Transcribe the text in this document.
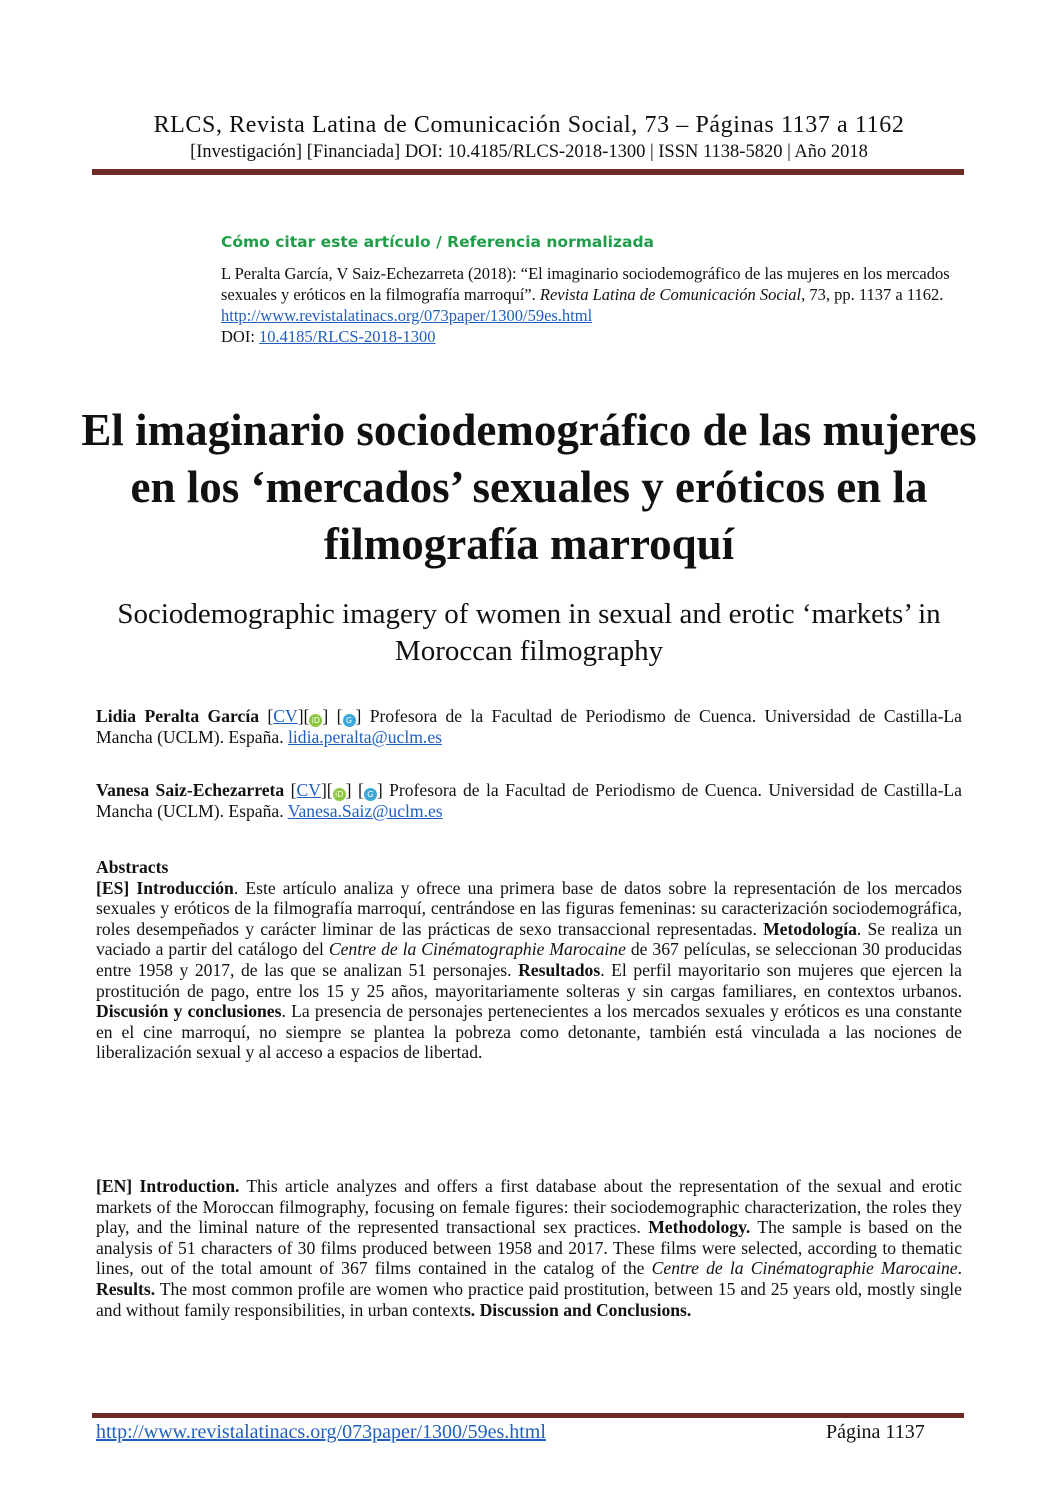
RLCS, Revista Latina de Comunicación Social, 73 – Páginas 1137 a 1162
[Investigación] [Financiada] DOI: 10.4185/RLCS-2018-1300 | ISSN 1138-5820 | Año 2018
Cómo citar este artículo / Referencia normalizada
L Peralta García, V Saiz-Echezarreta (2018): “El imaginario sociodemográfico de las mujeres en los mercados sexuales y eróticos en la filmografía marroquí”. Revista Latina de Comunicación Social, 73, pp. 1137 a 1162.
http://www.revistalatinacs.org/073paper/1300/59es.html
DOI: 10.4185/RLCS-2018-1300
El imaginario sociodemográfico de las mujeres en los ‘mercados’ sexuales y eróticos en la filmografía marroquí
Sociodemographic imagery of women in sexual and erotic ‘markets’ in Moroccan filmography
Lidia Peralta García [CV][ iD ] [ G ] Profesora de la Facultad de Periodismo de Cuenca. Universidad de Castilla-La Mancha (UCLM). España. lidia.peralta@uclm.es
Vanesa Saiz-Echezarreta [CV][ iD ] [ G ] Profesora de la Facultad de Periodismo de Cuenca. Universidad de Castilla-La Mancha (UCLM). España. Vanesa.Saiz@uclm.es

Abstracts

[ES] Introducción. Este artículo analiza y ofrece una primera base de datos sobre la representación de los mercados sexuales y eróticos de la filmografía marroquí, centrándose en las figuras femeninas: su caracterización sociodemográfica, roles desempeñados y carácter liminar de las prácticas de sexo transaccional representadas. Metodología. Se realiza un vaciado a partir del catálogo del Centre de la Cinématographie Marocaine de 367 películas, se seleccionan 30 producidas entre 1958 y 2017, de las que se analizan 51 personajes. Resultados. El perfil mayoritario son mujeres que ejercen la prostitución de pago, entre los 15 y 25 años, mayoritariamente solteras y sin cargas familiares, en contextos urbanos. Discusión y conclusiones. La presencia de personajes pertenecientes a los mercados sexuales y eróticos es una constante en el cine marroquí, no siempre se plantea la pobreza como detonante, también está vinculada a las nociones de liberalización sexual y al acceso a espacios de libertad.

[EN] Introduction. This article analyzes and offers a first database about the representation of the sexual and erotic markets of the Moroccan filmography, focusing on female figures: their sociodemographic characterization, the roles they play, and the liminal nature of the represented transactional sex practices. Methodology. The sample is based on the analysis of 51 characters of 30 films produced between 1958 and 2017. These films were selected, according to thematic lines, out of the total amount of 367 films contained in the catalog of the Centre de la Cinématographie Marocaine. Results. The most common profile are women who practice paid prostitution, between 15 and 25 years old, mostly single and without family responsibilities, in urban contexts. Discussion and Conclusions.

http://www.revistalatinacs.org/073paper/1300/59es.html	Página 1137
